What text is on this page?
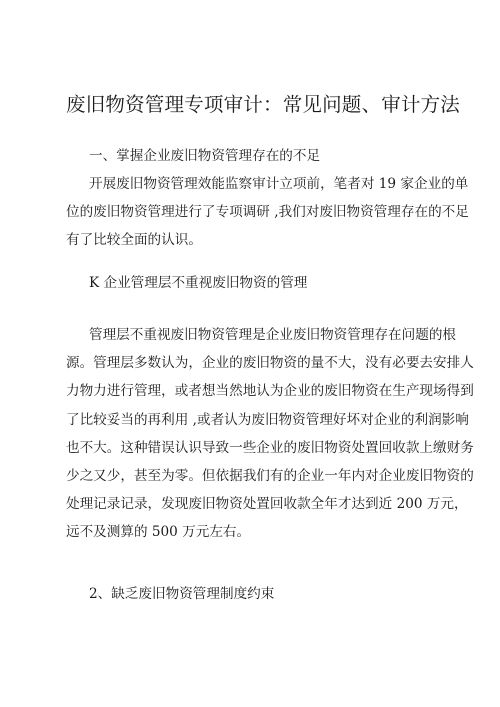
废旧物资管理专项审计：常见问题、审计方法
一、掌握企业废旧物资管理存在的不足
开展废旧物资管理效能监察审计立项前，笔者对 19 家企业的单
位的废旧物资管理进行了专项调研 ,我们对废旧物资管理存在的不足
有了比较全面的认识。
K 企业管理层不重视废旧物资的管理
管理层不重视废旧物资管理是企业废旧物资管理存在问题的根
源。管理层多数认为，企业的废旧物资的量不大，没有必要去安排人
力物力进行管理，或者想当然地认为企业的废旧物资在生产现场得到
了比较妥当的再利用 ,或者认为废旧物资管理好坏对企业的利润影响
也不大。这种错误认识导致一些企业的废旧物资处置回收款上缴财务
少之又少，甚至为零。但依据我们有的企业一年内对企业废旧物资的
处理记录记录，发现废旧物资处置回收款全年才达到近 200 万元，
远不及测算的 500 万元左右。
2、缺乏废旧物资管理制度约束
